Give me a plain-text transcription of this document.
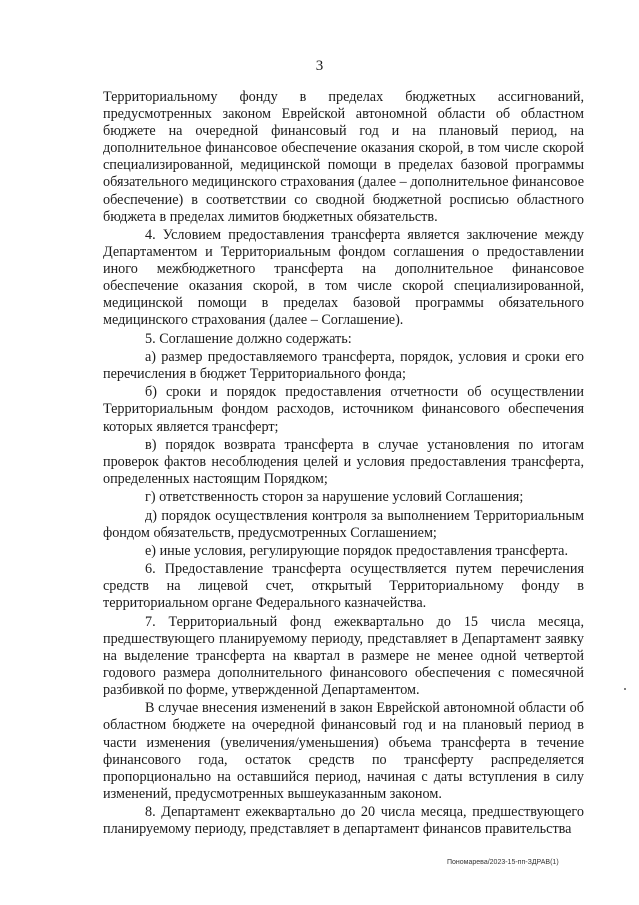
3

Территориальному фонду в пределах бюджетных ассигнований, предусмотренных законом Еврейской автономной области об областном бюджете на очередной финансовый год и на плановый период, на дополнительное финансовое обеспечение оказания скорой, в том числе скорой специализированной, медицинской помощи в пределах базовой программы обязательного медицинского страхования (далее – дополнительное финансовое обеспечение) в соответствии со сводной бюджетной росписью областного бюджета в пределах лимитов бюджетных обязательств.

4. Условием предоставления трансферта является заключение между Департаментом и Территориальным фондом соглашения о предоставлении иного межбюджетного трансферта на дополнительное финансовое обеспечение оказания скорой, в том числе скорой специализированной, медицинской помощи в пределах базовой программы обязательного медицинского страхования (далее – Соглашение).

5. Соглашение должно содержать:

а) размер предоставляемого трансферта, порядок, условия и сроки его перечисления в бюджет Территориального фонда;

б) сроки и порядок предоставления отчетности об осуществлении Территориальным фондом расходов, источником финансового обеспечения которых является трансферт;

в) порядок возврата трансферта в случае установления по итогам проверок фактов несоблюдения целей и условия предоставления трансферта, определенных настоящим Порядком;

г) ответственность сторон за нарушение условий Соглашения;

д) порядок осуществления контроля за выполнением Территориальным фондом обязательств, предусмотренных Соглашением;

е) иные условия, регулирующие порядок предоставления трансферта.

6. Предоставление трансферта осуществляется путем перечисления средств на лицевой счет, открытый Территориальному фонду в территориальном органе Федерального казначейства.

7. Территориальный фонд ежеквартально до 15 числа месяца, предшествующего планируемому периоду, представляет в Департамент заявку на выделение трансферта на квартал в размере не менее одной четвертой годового размера дополнительного финансового обеспечения с помесячной разбивкой по форме, утвержденной Департаментом.

В случае внесения изменений в закон Еврейской автономной области об областном бюджете на очередной финансовый год и на плановый период в части изменения (увеличения/уменьшения) объема трансферта в течение финансового года, остаток средств по трансферту распределяется пропорционально на оставшийся период, начиная с даты вступления в силу изменений, предусмотренных вышеуказанным законом.

8. Департамент ежеквартально до 20 числа месяца, предшествующего планируемому периоду, представляет в департамент финансов правительства

Пономарева/2023-15-пп-ЗДРАВ(1)
